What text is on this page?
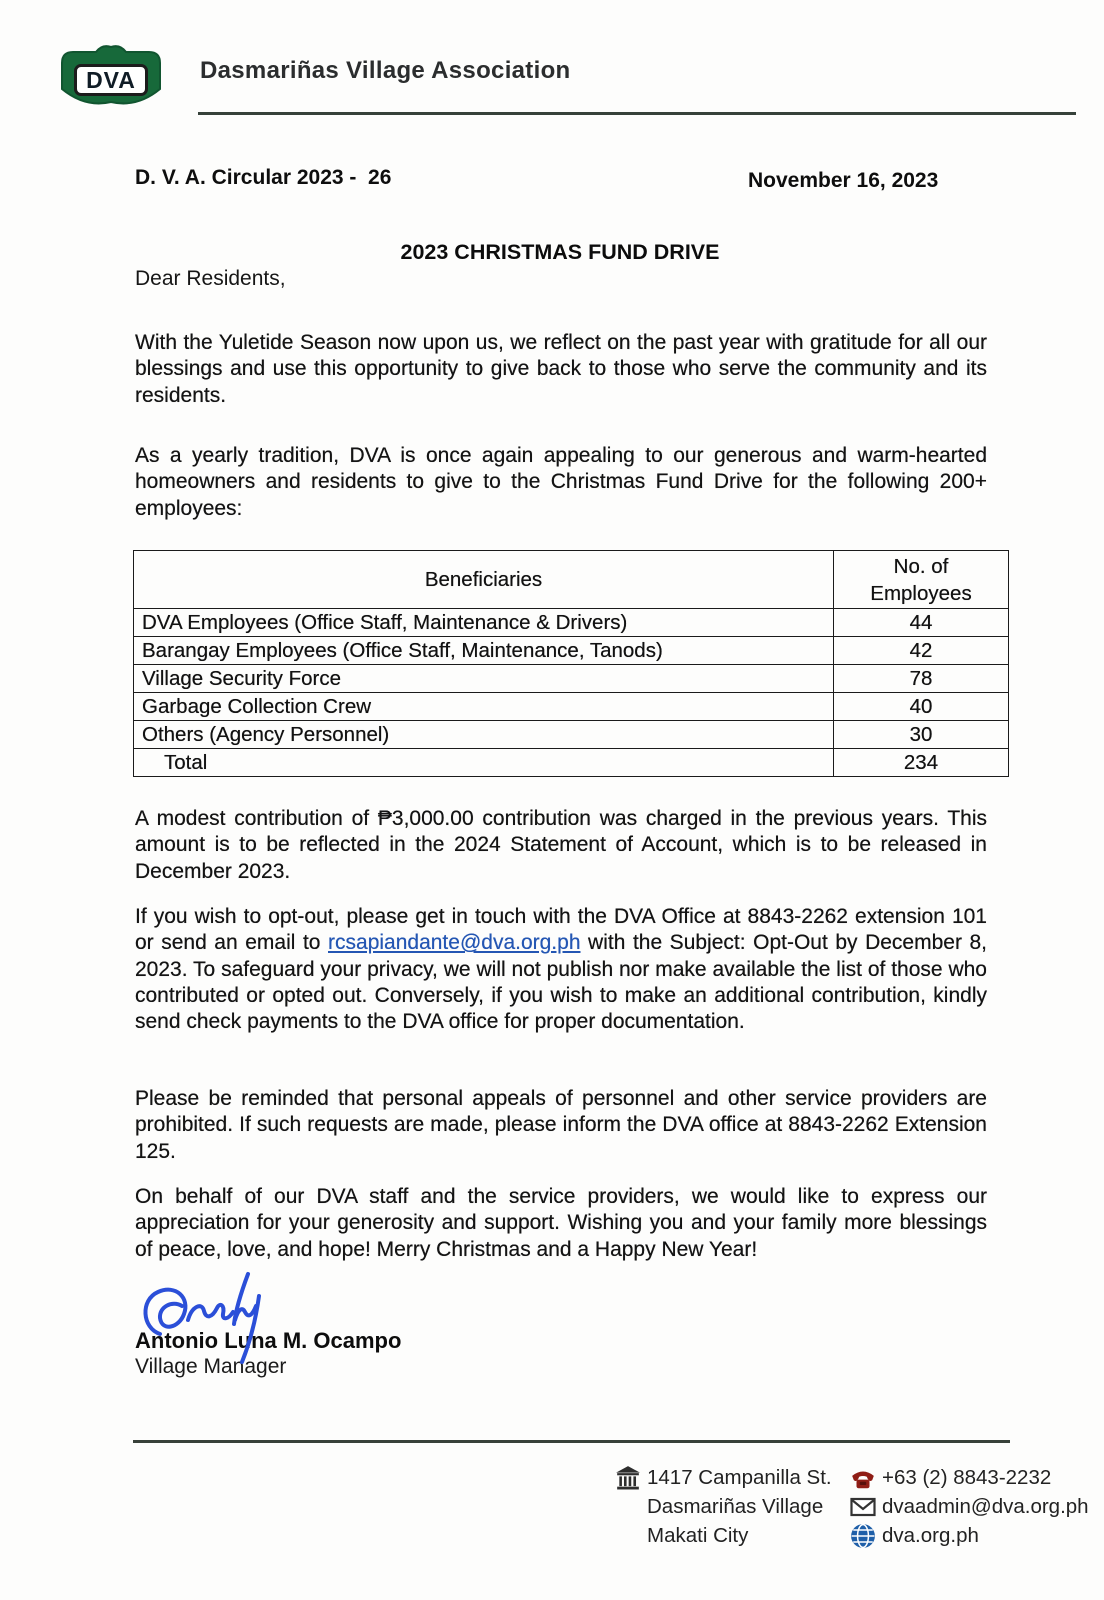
DVA	Dasmariñas Village Association
D. V. A. Circular 2023 -  26	November 16, 2023
2023 CHRISTMAS FUND DRIVE
Dear Residents,

With the Yuletide Season now upon us, we reflect on the past year with gratitude for all our blessings and use this opportunity to give back to those who serve the community and its residents.

As a yearly tradition, DVA is once again appealing to our generous and warm-hearted homeowners and residents to give to the Christmas Fund Drive for the following 200+ employees:

Beneficiaries	No. of Employees
DVA Employees (Office Staff, Maintenance & Drivers)	44
Barangay Employees (Office Staff, Maintenance, Tanods)	42
Village Security Force	78
Garbage Collection Crew	40
Others (Agency Personnel)	30
Total	234

A modest contribution of ₱3,000.00 contribution was charged in the previous years. This amount is to be reflected in the 2024 Statement of Account, which is to be released in December 2023.

If you wish to opt-out, please get in touch with the DVA Office at 8843-2262 extension 101 or send an email to rcsapiandante@dva.org.ph with the Subject: Opt-Out by December 8, 2023. To safeguard your privacy, we will not publish nor make available the list of those who contributed or opted out. Conversely, if you wish to make an additional contribution, kindly send check payments to the DVA office for proper documentation.

Please be reminded that personal appeals of personnel and other service providers are prohibited. If such requests are made, please inform the DVA office at 8843-2262 Extension 125.

On behalf of our DVA staff and the service providers, we would like to express our appreciation for your generosity and support. Wishing you and your family more blessings of peace, love, and hope! Merry Christmas and a Happy New Year!

Antonio Luna M. Ocampo
Village Manager
1417 Campanilla St.
Dasmariñas Village
Makati City
+63 (2) 8843-2232
dvaadmin@dva.org.ph
dva.org.ph
